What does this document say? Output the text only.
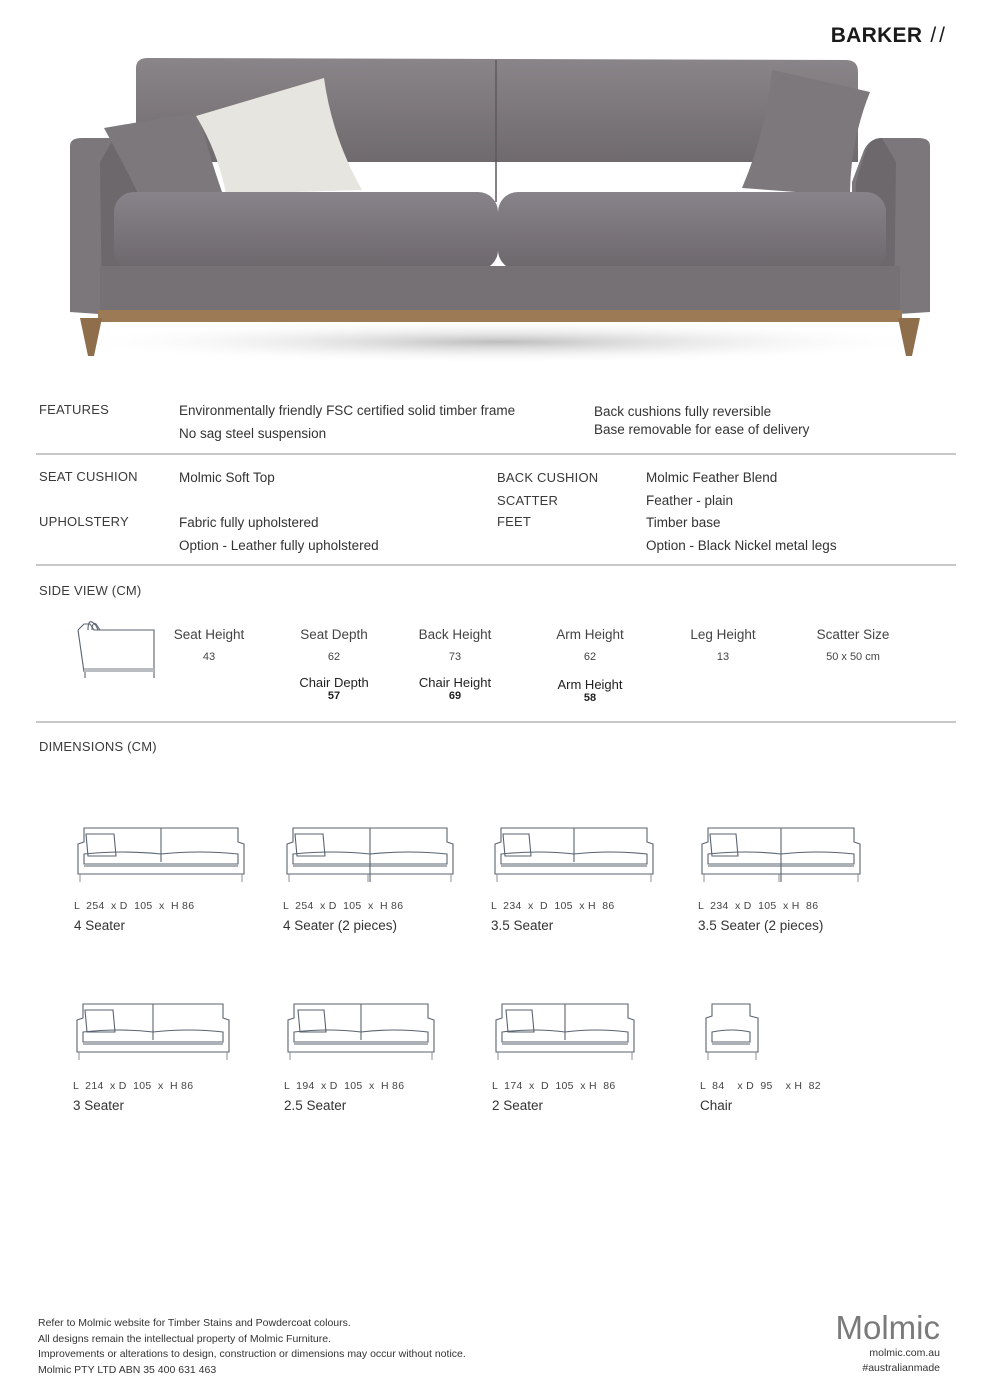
BARKER //
FEATURES	Environmentally friendly FSC certified solid timber frame
No sag steel suspension
Back cushions fully reversible
Base removable for ease of delivery
SEAT CUSHION	Molmic Soft Top
UPHOLSTERY	Fabric fully upholstered
Option - Leather fully upholstered
BACK CUSHION	Molmic Feather Blend
SCATTER	Feather - plain
FEET	Timber base
Option - Black Nickel metal legs
SIDE VIEW (CM)
Seat Height
43
Seat Depth
62
Chair Depth
57
Back Height
73
Chair Height
69
Arm Height
62
Arm Height
58
Leg Height
13
Scatter Size
50 x 50 cm
DIMENSIONS (CM)
L  254  x D  105  x  H 86
4 Seater
L  254  x D  105  x  H 86
4 Seater (2 pieces)
L  234  x  D  105  x H  86
3.5 Seater
L  234  x D  105  x H  86
3.5 Seater (2 pieces)
L  214  x D  105  x  H 86
3 Seater
L  194  x D  105  x  H 86
2.5 Seater
L  174  x  D  105  x H  86
2 Seater
L  84    x D  95    x H  82
Chair
Refer to Molmic website for Timber Stains and Powdercoat colours.
All designs remain the intellectual property of Molmic Furniture.
Improvements or alterations to design, construction or dimensions may occur without notice.
Molmic PTY LTD ABN 35 400 631 463
Molmic
molmic.com.au
#australianmade
